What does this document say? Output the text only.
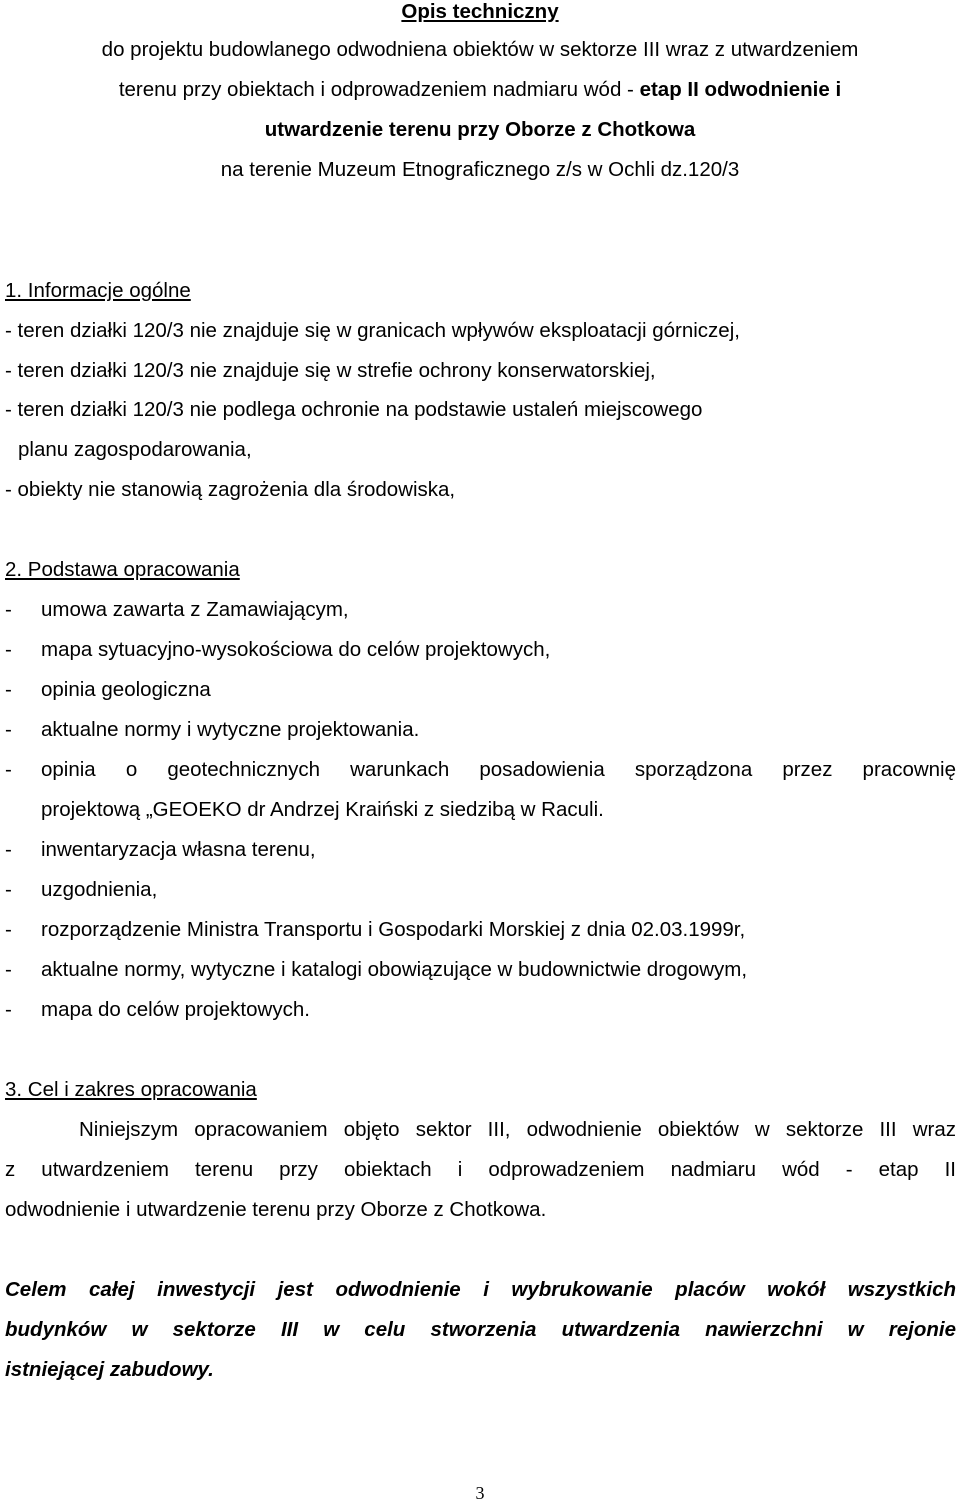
Opis techniczny
do projektu budowlanego odwodniena obiektów w sektorze III wraz z utwardzeniem
terenu przy obiektach i odprowadzeniem nadmiaru wód - etap II odwodnienie i
utwardzenie terenu przy Oborze z Chotkowa
na terenie Muzeum Etnograficznego z/s w Ochli dz.120/3
1. Informacje ogólne
- teren działki 120/3 nie znajduje się w granicach wpływów eksploatacji górniczej,
- teren działki 120/3 nie znajduje się w strefie ochrony konserwatorskiej,
- teren działki 120/3 nie podlega ochronie na podstawie ustaleń miejscowego
planu zagospodarowania,
- obiekty nie stanowią zagrożenia dla środowiska,
2. Podstawa opracowania
- umowa zawarta z Zamawiającym,
- mapa sytuacyjno-wysokościowa do celów projektowych,
- opinia geologiczna
- aktualne normy i wytyczne projektowania.
- opinia o geotechnicznych warunkach posadowienia sporządzona przez pracownię
projektową „GEOEKO dr Andrzej Kraiński z siedzibą w Raculi.
- inwentaryzacja własna terenu,
- uzgodnienia,
- rozporządzenie Ministra Transportu i Gospodarki Morskiej z dnia 02.03.1999r,
- aktualne normy, wytyczne i katalogi obowiązujące w budownictwie drogowym,
- mapa do celów projektowych.
3. Cel i zakres opracowania
Niniejszym opracowaniem objęto sektor III, odwodnienie obiektów w sektorze III wraz
z utwardzeniem terenu przy obiektach i odprowadzeniem nadmiaru wód - etap II
odwodnienie i utwardzenie terenu przy Oborze z Chotkowa.
Celem całej inwestycji jest odwodnienie i wybrukowanie placów wokół wszystkich
budynków w sektorze III w celu stworzenia utwardzenia nawierzchni w rejonie
istniejącej zabudowy.
3
